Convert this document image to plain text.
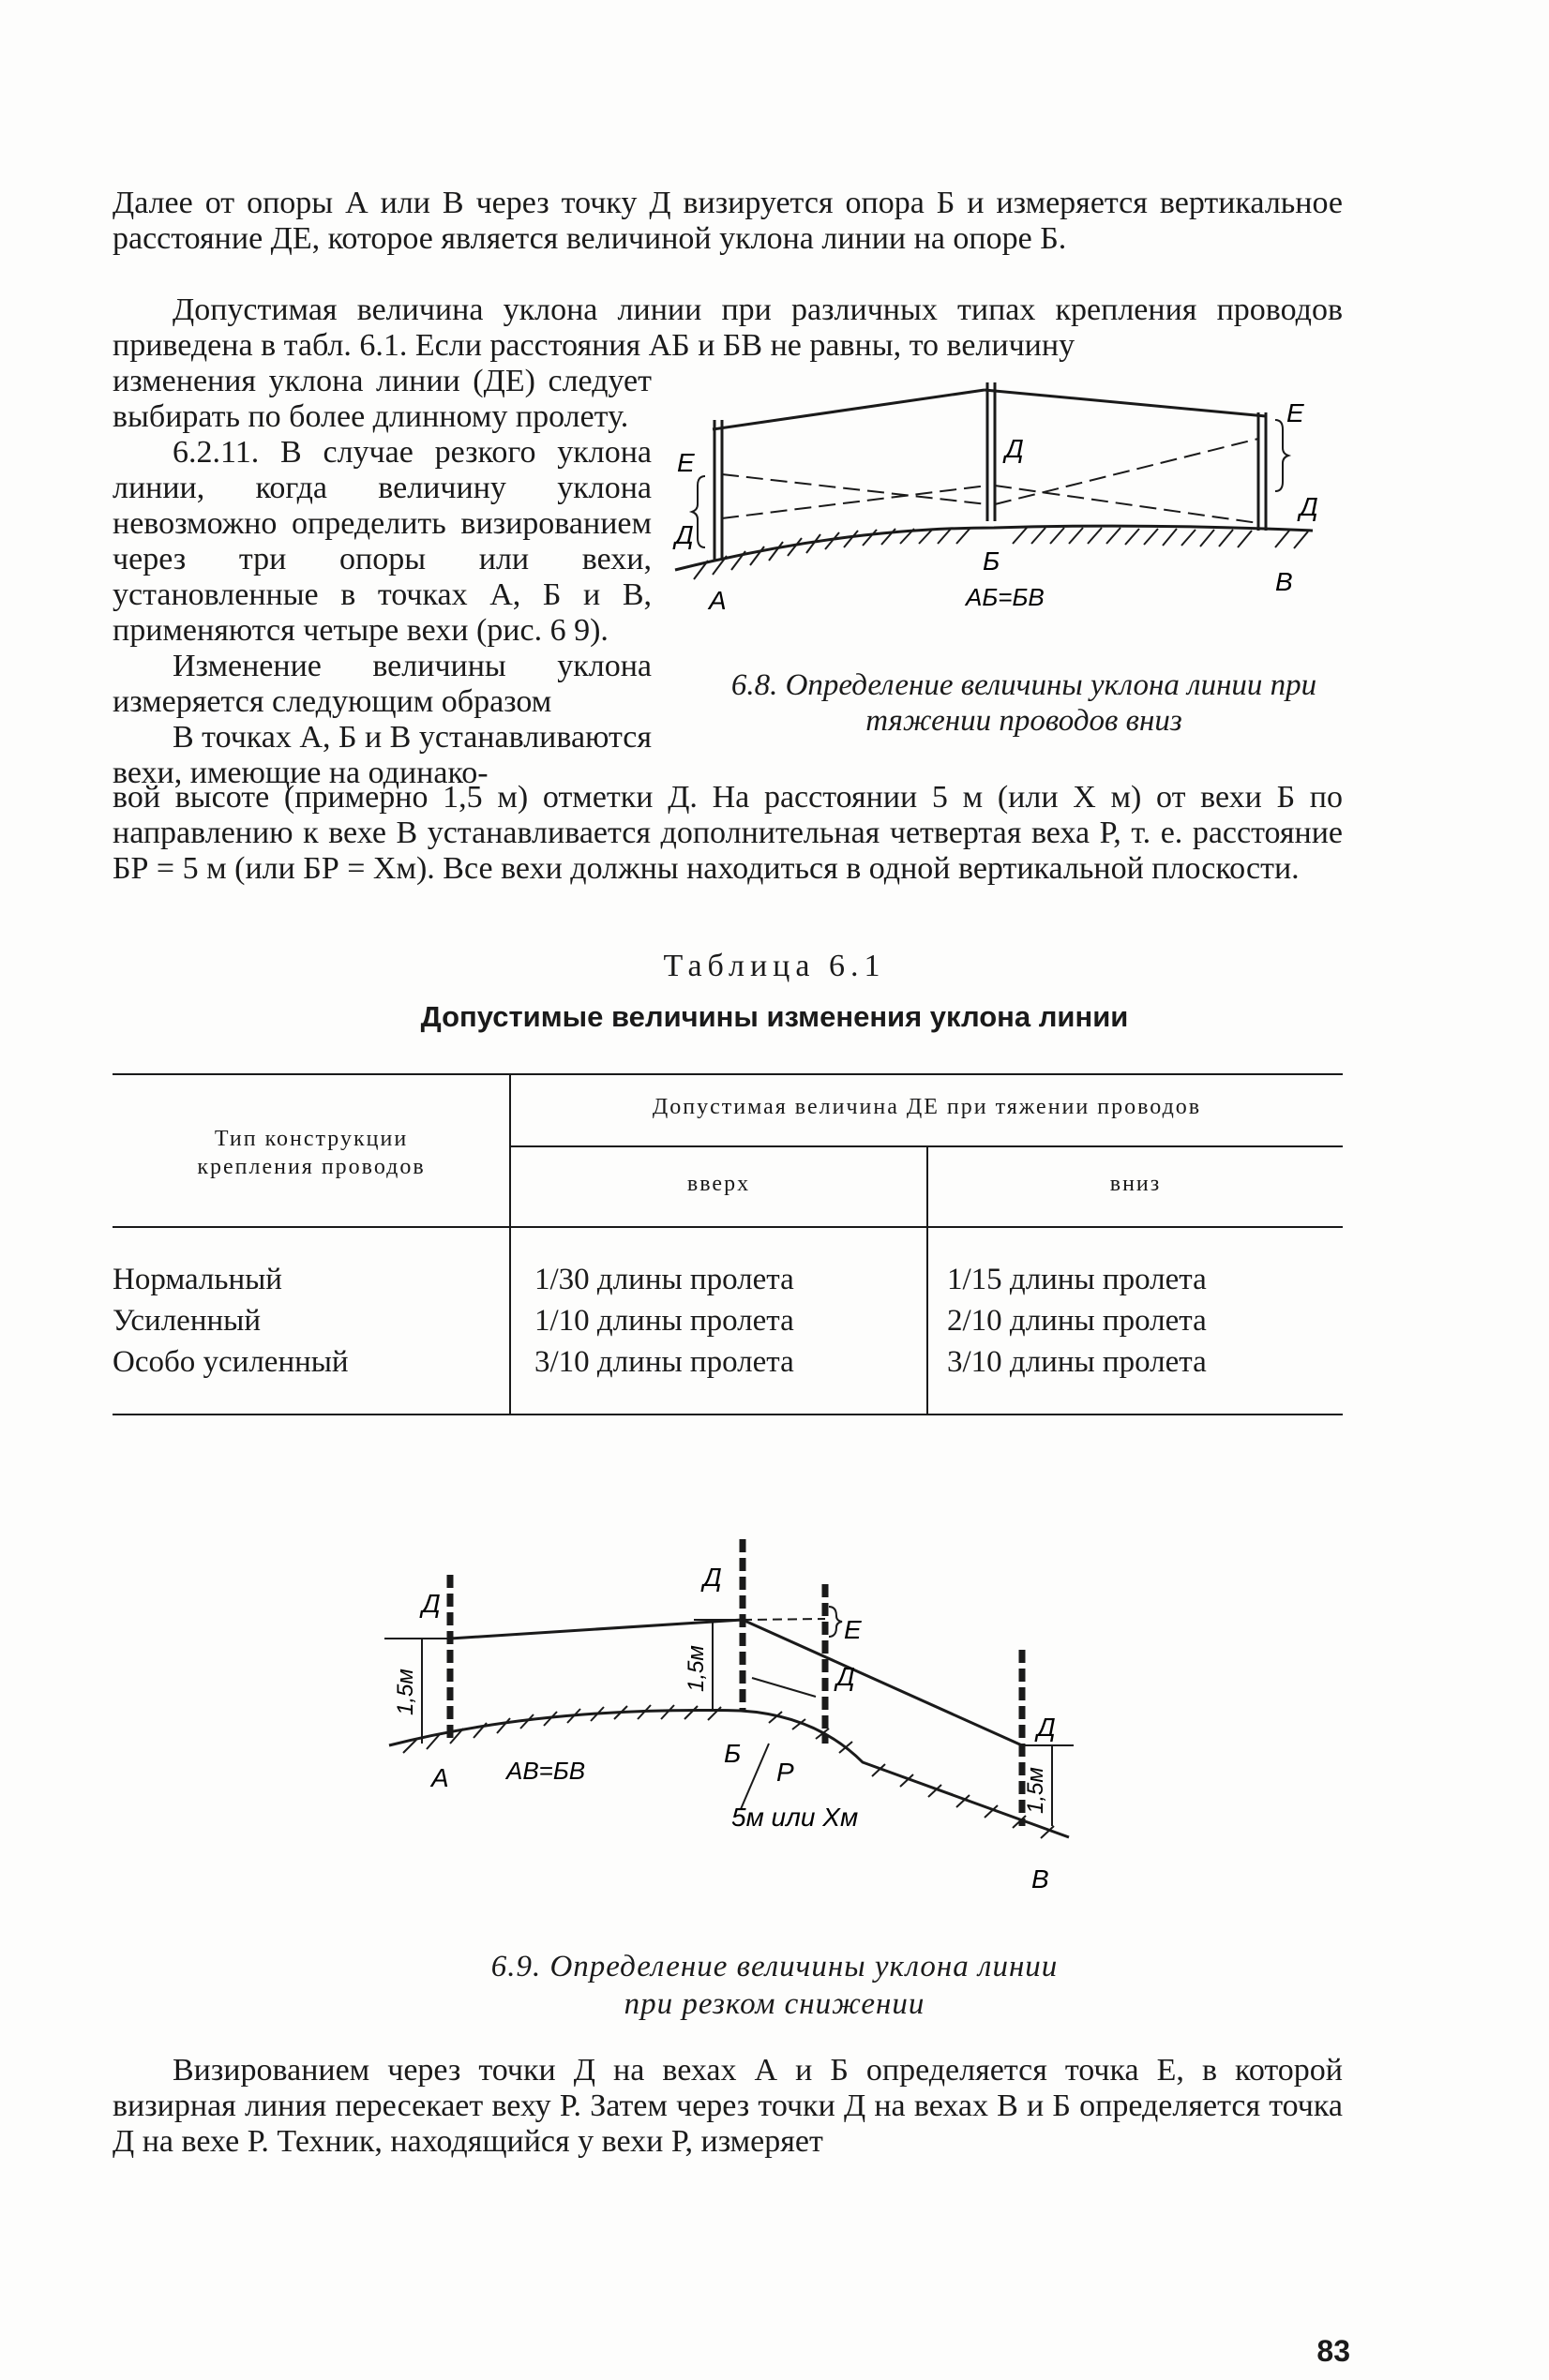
Далее от опоры А или В через точку Д визируется опора Б и измеряется вертикальное расстояние ДЕ, которое является величиной уклона линии на опоре Б.

Допустимая величина уклона линии при различных типах крепления проводов приведена в табл. 6.1. Если расстояния АБ и БВ не равны, то величину

изменения уклона линии (ДЕ) следует выбирать по более длинному пролету.

6.2.11. В случае резкого уклона линии, когда величину уклона невозможно определить визированием через три опоры или вехи, установленные в точках А, Б и В, применяются четыре вехи (рис. 6 9).

Изменение величины уклона измеряется следующим образом

В точках А, Б и В устанавливаются вехи, имеющие на одинако-

вой высоте (примерно 1,5 м) отметки Д. На расстоянии 5 м (или X м) от вехи Б по направлению к вехе В устанавливается дополнительная четвертая веха Р, т. е. расстояние БР = 5 м (или БР = Xм). Все вехи должны находиться в одной вертикальной плоскости.

Е
Д
Д
Е
Д
Б
АБ=БВ
А
В
6.8. Определение величины уклона линии при тяжении проводов вниз
Таблица 6.1
Допустимые величины изменения уклона линии
Тип конструкции
крепления проводов
Допустимая величина ДЕ при тяжении проводов
вверх	вниз
Нормальный
Усиленный
Особо усиленный
1/30 длины пролета
1/10 длины пролета
3/10 длины пролета
1/15 длины пролета
2/10 длины пролета
3/10 длины пролета
Д
Д
Е
Д
Д
1,5м
1,5м
1,5м
А АВ=БВ
Б
Р
5м или Хм
В
6.9. Определение величины уклона линии
при резком снижении

Визированием через точки Д на вехах А и Б определяется точка Е, в которой визирная линия пересекает веху Р. Затем через точки Д на вехах В и Б определяется точка Д на вехе Р. Техник, находящийся у вехи Р, измеряет

83
